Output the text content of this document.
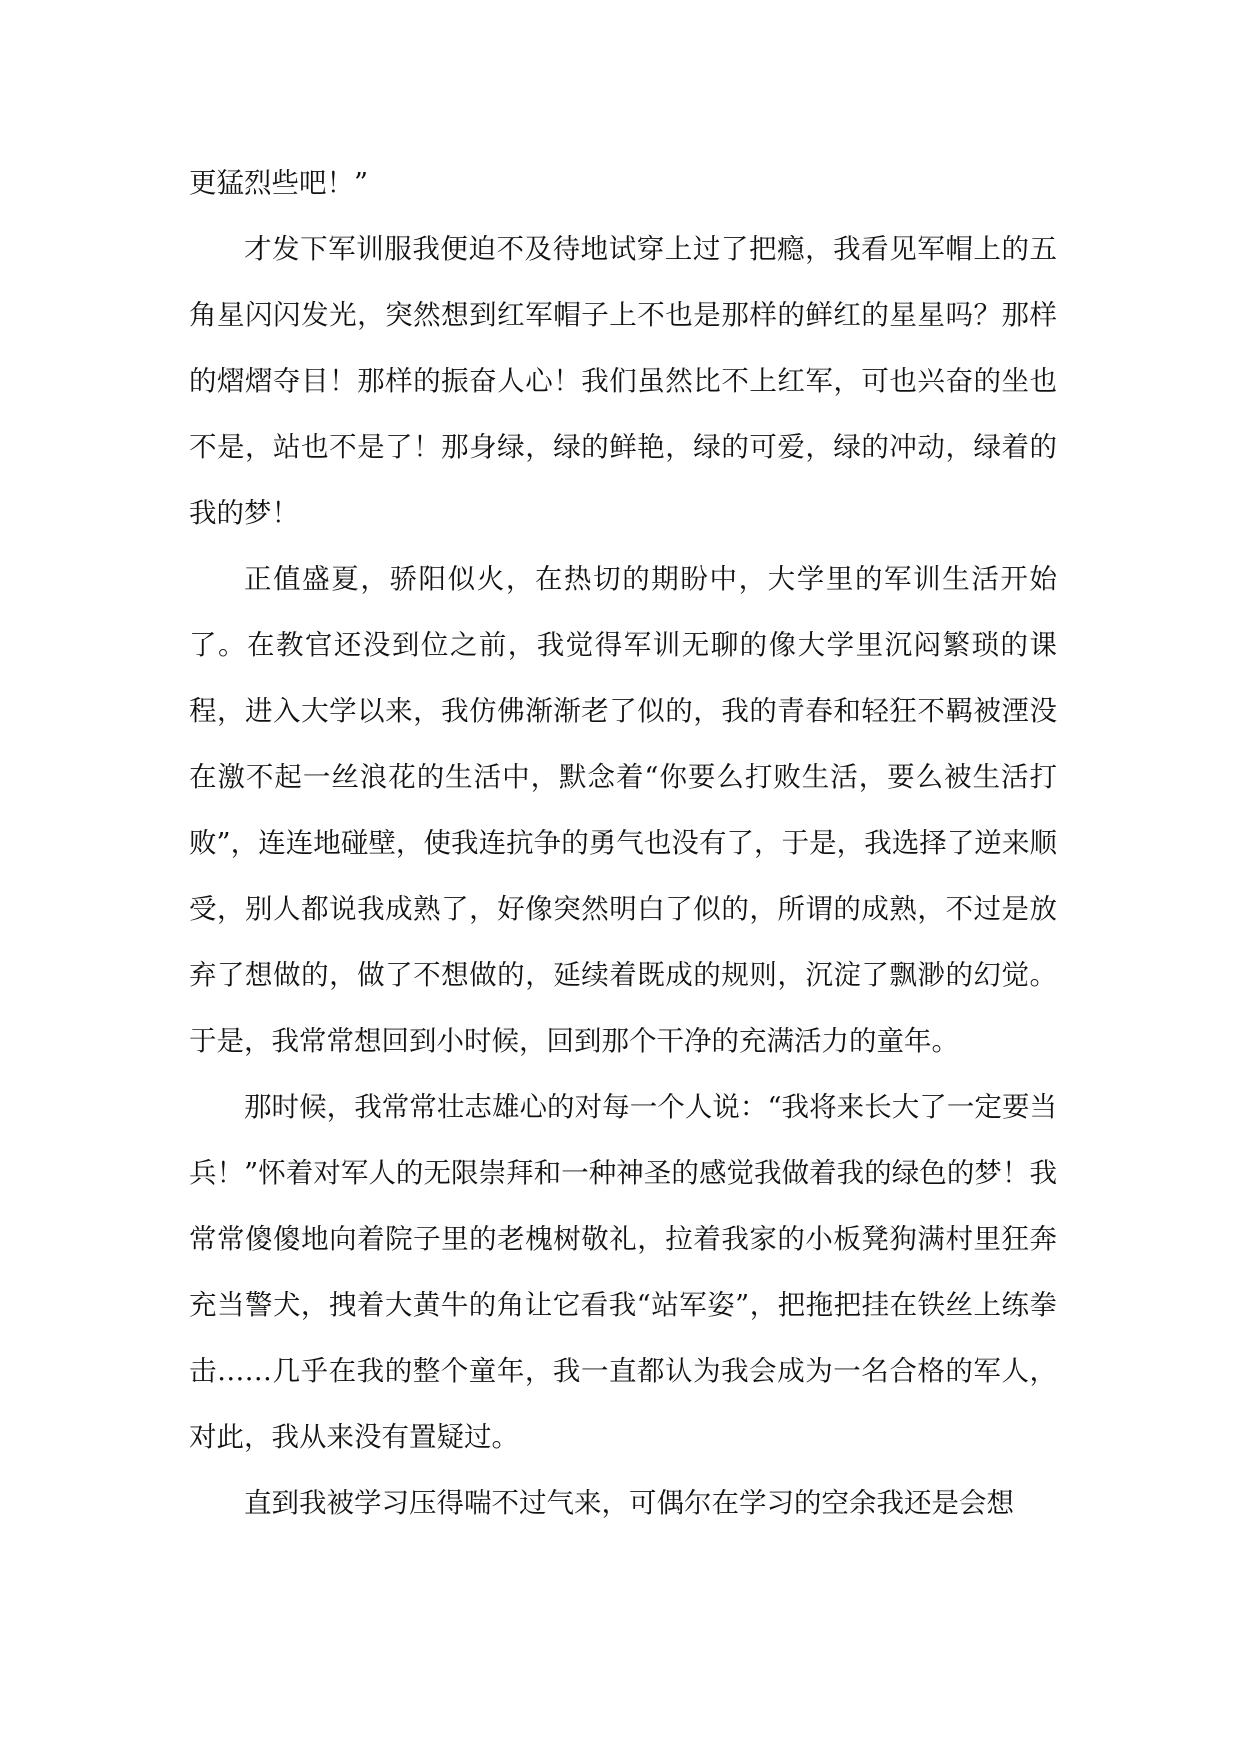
更猛烈些吧！”

才发下军训服我便迫不及待地试穿上过了把瘾，我看见军帽上的五角星闪闪发光，突然想到红军帽子上不也是那样的鲜红的星星吗？那样的熠熠夺目！那样的振奋人心！我们虽然比不上红军，可也兴奋的坐也不是，站也不是了！那身绿，绿的鲜艳，绿的可爱，绿的冲动，绿着的我的梦！

正值盛夏，骄阳似火，在热切的期盼中，大学里的军训生活开始了。在教官还没到位之前，我觉得军训无聊的像大学里沉闷繁琐的课程，进入大学以来，我仿佛渐渐老了似的，我的青春和轻狂不羁被湮没在激不起一丝浪花的生活中，默念着“你要么打败生活，要么被生活打败”，连连地碰壁，使我连抗争的勇气也没有了，于是，我选择了逆来顺受，别人都说我成熟了，好像突然明白了似的，所谓的成熟，不过是放弃了想做的，做了不想做的，延续着既成的规则，沉淀了飘渺的幻觉。于是，我常常想回到小时候，回到那个干净的充满活力的童年。

那时候，我常常壮志雄心的对每一个人说：“我将来长大了一定要当兵！”怀着对军人的无限崇拜和一种神圣的感觉我做着我的绿色的梦！我常常傻傻地向着院子里的老槐树敬礼，拉着我家的小板凳狗满村里狂奔充当警犬，拽着大黄牛的角让它看我“站军姿”，把拖把挂在铁丝上练拳击……几乎在我的整个童年，我一直都认为我会成为一名合格的军人，对此，我从来没有置疑过。

直到我被学习压得喘不过气来，可偶尔在学习的空余我还是会想
